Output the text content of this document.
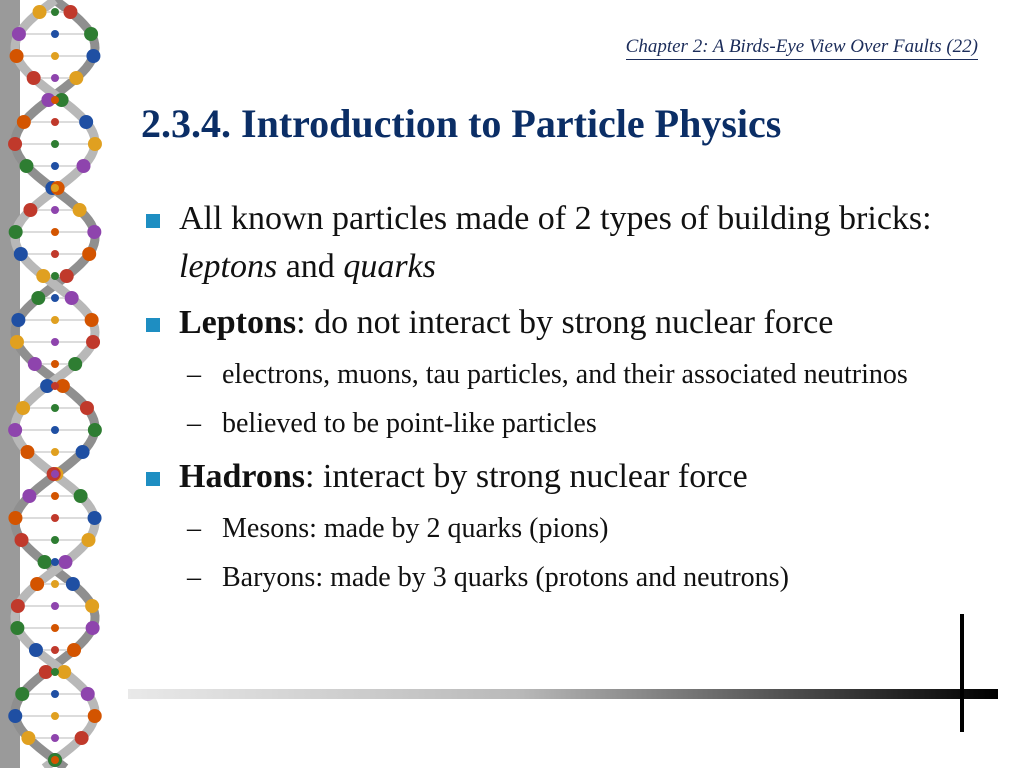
Chapter 2: A Birds-Eye View Over Faults (22)
2.3.4. Introduction to Particle Physics
All known particles made of 2 types of building bricks: leptons and quarks
Leptons: do not interact by strong nuclear force
– electrons, muons, tau particles, and their associated neutrinos
– believed to be point-like particles
Hadrons: interact by strong nuclear force
– Mesons: made by 2 quarks (pions)
– Baryons: made by 3 quarks (protons and neutrons)
